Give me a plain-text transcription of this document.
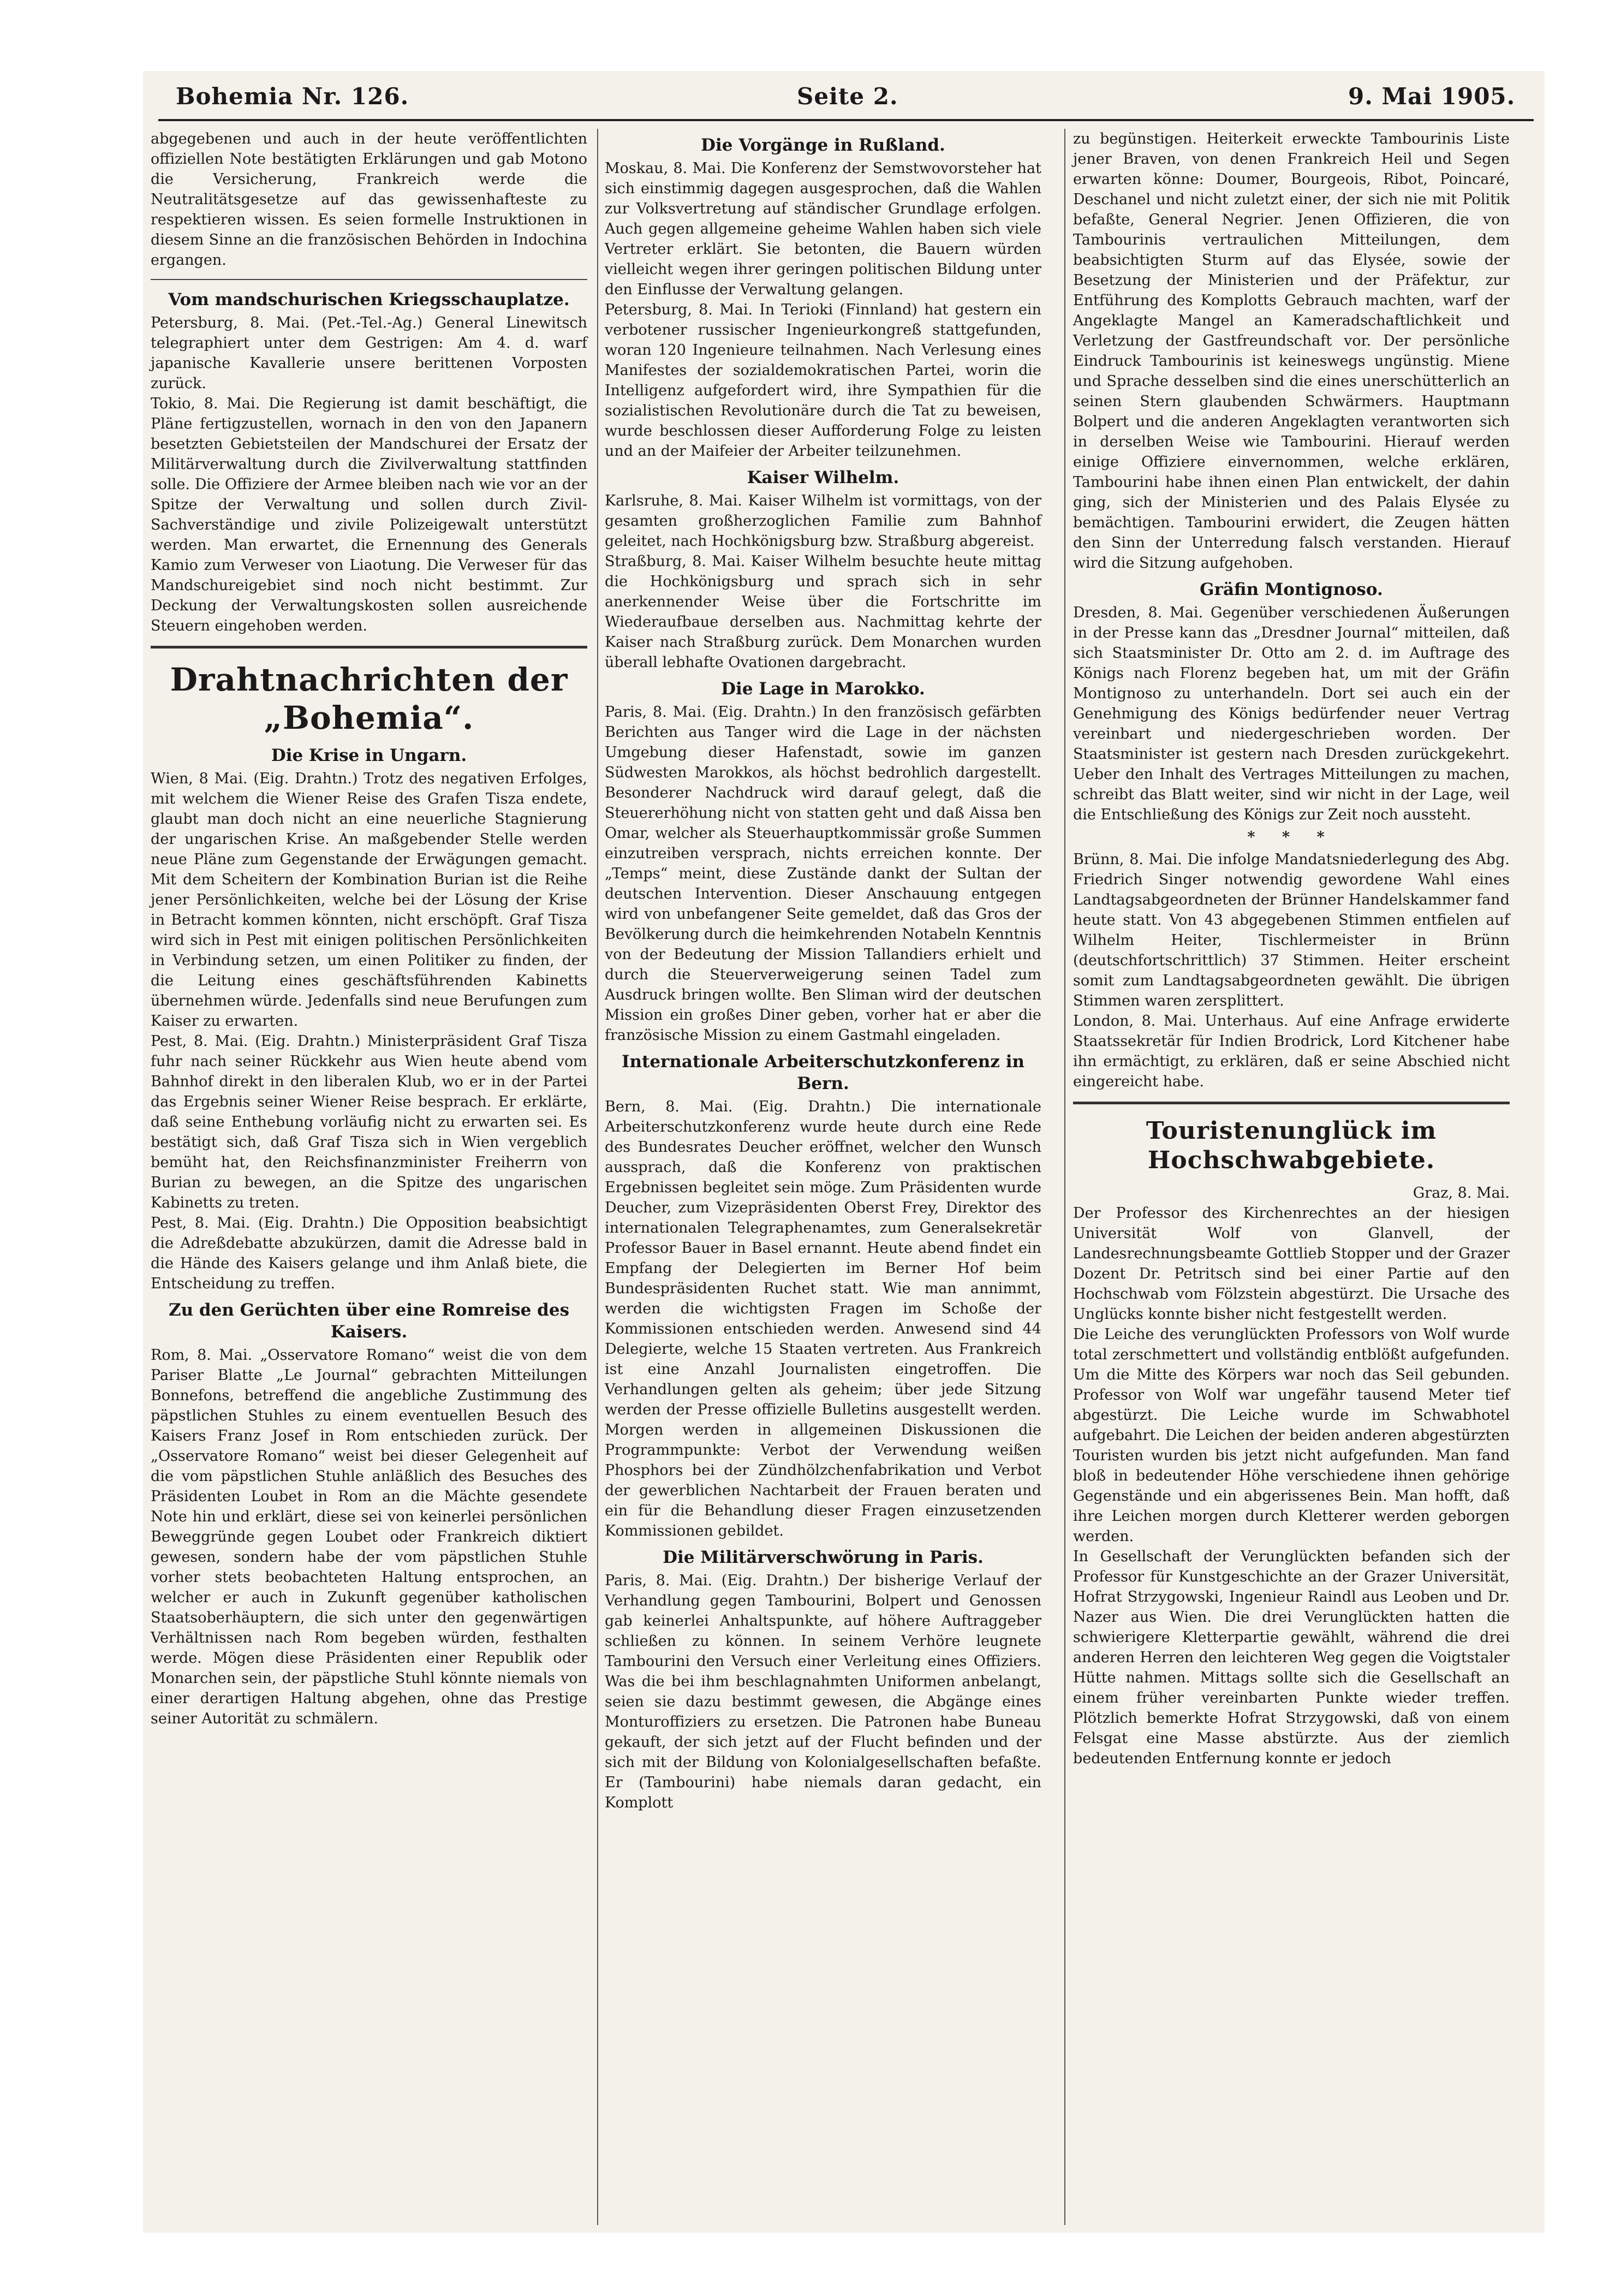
Bohemia Nr. 126.	Seite 2.	9. Mai 1905.

abgegebenen und auch in der heute veröffentlichten offiziellen Note bestätigten Erklärungen und gab Motono die Versicherung, Frankreich werde die Neutralitätsgesetze auf das gewissenhafteste zu respektieren wissen. Es seien formelle Instruktionen in diesem Sinne an die französischen Behörden in Indochina ergangen.

Vom mandschurischen Kriegsschauplatze.

Petersburg, 8. Mai. (Pet.-Tel.-Ag.) General Linewitsch telegraphiert unter dem Gestrigen: Am 4. d. warf japanische Kavallerie unsere berittenen Vorposten zurück.

Tokio, 8. Mai. Die Regierung ist damit beschäftigt, die Pläne fertigzustellen, wornach in den von den Japanern besetzten Gebietsteilen der Mandschurei der Ersatz der Militärverwaltung durch die Zivilverwaltung stattfinden solle. Die Offiziere der Armee bleiben nach wie vor an der Spitze der Verwaltung und sollen durch Zivil-Sachverständige und zivile Polizeigewalt unterstützt werden. Man erwartet, die Ernennung des Generals Kamio zum Verweser von Liaotung. Die Verweser für das Mandschureigebiet sind noch nicht bestimmt. Zur Deckung der Verwaltungskosten sollen ausreichende Steuern eingehoben werden.

Drahtnachrichten der „Bohemia“.
Die Krise in Ungarn.

Wien, 8 Mai. (Eig. Drahtn.) Trotz des negativen Erfolges, mit welchem die Wiener Reise des Grafen Tisza endete, glaubt man doch nicht an eine neuerliche Stagnierung der ungarischen Krise. An maßgebender Stelle werden neue Pläne zum Gegenstande der Erwägungen gemacht. Mit dem Scheitern der Kombination Burian ist die Reihe jener Persönlichkeiten, welche bei der Lösung der Krise in Betracht kommen könnten, nicht erschöpft. Graf Tisza wird sich in Pest mit einigen politischen Persönlichkeiten in Verbindung setzen, um einen Politiker zu finden, der die Leitung eines geschäftsführenden Kabinetts übernehmen würde. Jedenfalls sind neue Berufungen zum Kaiser zu erwarten.

Pest, 8. Mai. (Eig. Drahtn.) Ministerpräsident Graf Tisza fuhr nach seiner Rückkehr aus Wien heute abend vom Bahnhof direkt in den liberalen Klub, wo er in der Partei das Ergebnis seiner Wiener Reise besprach. Er erklärte, daß seine Enthebung vorläufig nicht zu erwarten sei. Es bestätigt sich, daß Graf Tisza sich in Wien vergeblich bemüht hat, den Reichsfinanzminister Freiherrn von Burian zu bewegen, an die Spitze des ungarischen Kabinetts zu treten.

Pest, 8. Mai. (Eig. Drahtn.) Die Opposition beabsichtigt die Adreßdebatte abzukürzen, damit die Adresse bald in die Hände des Kaisers gelange und ihm Anlaß biete, die Entscheidung zu treffen.

Zu den Gerüchten über eine Romreise des Kaisers.

Rom, 8. Mai. „Osservatore Romano“ weist die von dem Pariser Blatte „Le Journal“ gebrachten Mitteilungen Bonnefons, betreffend die angebliche Zustimmung des päpstlichen Stuhles zu einem eventuellen Besuch des Kaisers Franz Josef in Rom entschieden zurück. Der „Osservatore Romano“ weist bei dieser Gelegenheit auf die vom päpstlichen Stuhle anläßlich des Besuches des Präsidenten Loubet in Rom an die Mächte gesendete Note hin und erklärt, diese sei von keinerlei persönlichen Beweggründe gegen Loubet oder Frankreich diktiert gewesen, sondern habe der vom päpstlichen Stuhle vorher stets beobachteten Haltung entsprochen, an welcher er auch in Zukunft gegenüber katholischen Staatsoberhäuptern, die sich unter den gegenwärtigen Verhältnissen nach Rom begeben würden, festhalten werde. Mögen diese Präsidenten einer Republik oder Monarchen sein, der päpstliche Stuhl könnte niemals von einer derartigen Haltung abgehen, ohne das Prestige seiner Autorität zu schmälern.

Die Vorgänge in Rußland.

Moskau, 8. Mai. Die Konferenz der Semstwovorsteher hat sich einstimmig dagegen ausgesprochen, daß die Wahlen zur Volksvertretung auf ständischer Grundlage erfolgen. Auch gegen allgemeine geheime Wahlen haben sich viele Vertreter erklärt. Sie betonten, die Bauern würden vielleicht wegen ihrer geringen politischen Bildung unter den Einflusse der Verwaltung gelangen.

Petersburg, 8. Mai. In Terioki (Finnland) hat gestern ein verbotener russischer Ingenieurkongreß stattgefunden, woran 120 Ingenieure teilnahmen. Nach Verlesung eines Manifestes der sozialdemokratischen Partei, worin die Intelligenz aufgefordert wird, ihre Sympathien für die sozialistischen Revolutionäre durch die Tat zu beweisen, wurde beschlossen dieser Aufforderung Folge zu leisten und an der Maifeier der Arbeiter teilzunehmen.

Kaiser Wilhelm.

Karlsruhe, 8. Mai. Kaiser Wilhelm ist vormittags, von der gesamten großherzoglichen Familie zum Bahnhof geleitet, nach Hochkönigsburg bzw. Straßburg abgereist.

Straßburg, 8. Mai. Kaiser Wilhelm besuchte heute mittag die Hochkönigsburg und sprach sich in sehr anerkennender Weise über die Fortschritte im Wiederaufbaue derselben aus. Nachmittag kehrte der Kaiser nach Straßburg zurück. Dem Monarchen wurden überall lebhafte Ovationen dargebracht.

Die Lage in Marokko.

Paris, 8. Mai. (Eig. Drahtn.) In den französisch gefärbten Berichten aus Tanger wird die Lage in der nächsten Umgebung dieser Hafenstadt, sowie im ganzen Südwesten Marokkos, als höchst bedrohlich dargestellt. Besonderer Nachdruck wird darauf gelegt, daß die Steuererhöhung nicht von statten geht und daß Aissa ben Omar, welcher als Steuerhauptkommissär große Summen einzutreiben versprach, nichts erreichen konnte. Der „Temps“ meint, diese Zustände dankt der Sultan der deutschen Intervention. Dieser Anschauung entgegen wird von unbefangener Seite gemeldet, daß das Gros der Bevölkerung durch die heimkehrenden Notabeln Kenntnis von der Bedeutung der Mission Tallandiers erhielt und durch die Steuerverweigerung seinen Tadel zum Ausdruck bringen wollte. Ben Sliman wird der deutschen Mission ein großes Diner geben, vorher hat er aber die französische Mission zu einem Gastmahl eingeladen.

Internationale Arbeiterschutzkonferenz in Bern.

Bern, 8. Mai. (Eig. Drahtn.) Die internationale Arbeiterschutzkonferenz wurde heute durch eine Rede des Bundesrates Deucher eröffnet, welcher den Wunsch aussprach, daß die Konferenz von praktischen Ergebnissen begleitet sein möge. Zum Präsidenten wurde Deucher, zum Vizepräsidenten Oberst Frey, Direktor des internationalen Telegraphenamtes, zum Generalsekretär Professor Bauer in Basel ernannt. Heute abend findet ein Empfang der Delegierten im Berner Hof beim Bundespräsidenten Ruchet statt. Wie man annimmt, werden die wichtigsten Fragen im Schoße der Kommissionen entschieden werden. Anwesend sind 44 Delegierte, welche 15 Staaten vertreten. Aus Frankreich ist eine Anzahl Journalisten eingetroffen. Die Verhandlungen gelten als geheim; über jede Sitzung werden der Presse offizielle Bulletins ausgestellt werden. Morgen werden in allgemeinen Diskussionen die Programmpunkte: Verbot der Verwendung weißen Phosphors bei der Zündhölzchenfabrikation und Verbot der gewerblichen Nachtarbeit der Frauen beraten und ein für die Behandlung dieser Fragen einzusetzenden Kommissionen gebildet.

Die Militärverschwörung in Paris.

Paris, 8. Mai. (Eig. Drahtn.) Der bisherige Verlauf der Verhandlung gegen Tambourini, Bolpert und Genossen gab keinerlei Anhaltspunkte, auf höhere Auftraggeber schließen zu können. In seinem Verhöre leugnete Tambourini den Versuch einer Verleitung eines Offiziers. Was die bei ihm beschlagnahmten Uniformen anbelangt, seien sie dazu bestimmt gewesen, die Abgänge eines Monturoffiziers zu ersetzen. Die Patronen habe Buneau gekauft, der sich jetzt auf der Flucht befinden und der sich mit der Bildung von Kolonialgesellschaften befaßte. Er (Tambourini) habe niemals daran gedacht, ein Komplott

zu begünstigen. Heiterkeit erweckte Tambourinis Liste jener Braven, von denen Frankreich Heil und Segen erwarten könne: Doumer, Bourgeois, Ribot, Poincaré, Deschanel und nicht zuletzt einer, der sich nie mit Politik befaßte, General Negrier. Jenen Offizieren, die von Tambourinis vertraulichen Mitteilungen, dem beabsichtigten Sturm auf das Elysée, sowie der Besetzung der Ministerien und der Präfektur, zur Entführung des Komplotts Gebrauch machten, warf der Angeklagte Mangel an Kameradschaftlichkeit und Verletzung der Gastfreundschaft vor. Der persönliche Eindruck Tambourinis ist keineswegs ungünstig. Miene und Sprache desselben sind die eines unerschütterlich an seinen Stern glaubenden Schwärmers. Hauptmann Bolpert und die anderen Angeklagten verantworten sich in derselben Weise wie Tambourini. Hierauf werden einige Offiziere einvernommen, welche erklären, Tambourini habe ihnen einen Plan entwickelt, der dahin ging, sich der Ministerien und des Palais Elysée zu bemächtigen. Tambourini erwidert, die Zeugen hätten den Sinn der Unterredung falsch verstanden. Hierauf wird die Sitzung aufgehoben.

Gräfin Montignoso.

Dresden, 8. Mai. Gegenüber verschiedenen Äußerungen in der Presse kann das „Dresdner Journal“ mitteilen, daß sich Staatsminister Dr. Otto am 2. d. im Auftrage des Königs nach Florenz begeben hat, um mit der Gräfin Montignoso zu unterhandeln. Dort sei auch ein der Genehmigung des Königs bedürfender neuer Vertrag vereinbart und niedergeschrieben worden. Der Staatsminister ist gestern nach Dresden zurückgekehrt. Ueber den Inhalt des Vertrages Mitteilungen zu machen, schreibt das Blatt weiter, sind wir nicht in der Lage, weil die Entschließung des Königs zur Zeit noch aussteht.

* * *

Brünn, 8. Mai. Die infolge Mandatsniederlegung des Abg. Friedrich Singer notwendig gewordene Wahl eines Landtagsabgeordneten der Brünner Handelskammer fand heute statt. Von 43 abgegebenen Stimmen entfielen auf Wilhelm Heiter, Tischlermeister in Brünn (deutschfortschrittlich) 37 Stimmen. Heiter erscheint somit zum Landtagsabgeordneten gewählt. Die übrigen Stimmen waren zersplittert.

London, 8. Mai. Unterhaus. Auf eine Anfrage erwiderte Staatssekretär für Indien Brodrick, Lord Kitchener habe ihn ermächtigt, zu erklären, daß er seine Abschied nicht eingereicht habe.

Touristenunglück im Hochschwabgebiete.

Graz, 8. Mai.

Der Professor des Kirchenrechtes an der hiesigen Universität Wolf von Glanvell, der Landesrechnungsbeamte Gottlieb Stopper und der Grazer Dozent Dr. Petritsch sind bei einer Partie auf den Hochschwab vom Fölzstein abgestürzt. Die Ursache des Unglücks konnte bisher nicht festgestellt werden.

Die Leiche des verunglückten Professors von Wolf wurde total zerschmettert und vollständig entblößt aufgefunden. Um die Mitte des Körpers war noch das Seil gebunden. Professor von Wolf war ungefähr tausend Meter tief abgestürzt. Die Leiche wurde im Schwabhotel aufgebahrt. Die Leichen der beiden anderen abgestürzten Touristen wurden bis jetzt nicht aufgefunden. Man fand bloß in bedeutender Höhe verschiedene ihnen gehörige Gegenstände und ein abgerissenes Bein. Man hofft, daß ihre Leichen morgen durch Kletterer werden geborgen werden.

In Gesellschaft der Verunglückten befanden sich der Professor für Kunstgeschichte an der Grazer Universität, Hofrat Strzygowski, Ingenieur Raindl aus Leoben und Dr. Nazer aus Wien. Die drei Verunglückten hatten die schwierigere Kletterpartie gewählt, während die drei anderen Herren den leichteren Weg gegen die Voigtstaler Hütte nahmen. Mittags sollte sich die Gesellschaft an einem früher vereinbarten Punkte wieder treffen. Plötzlich bemerkte Hofrat Strzygowski, daß von einem Felsgat eine Masse abstürzte. Aus der ziemlich bedeutenden Entfernung konnte er jedoch
